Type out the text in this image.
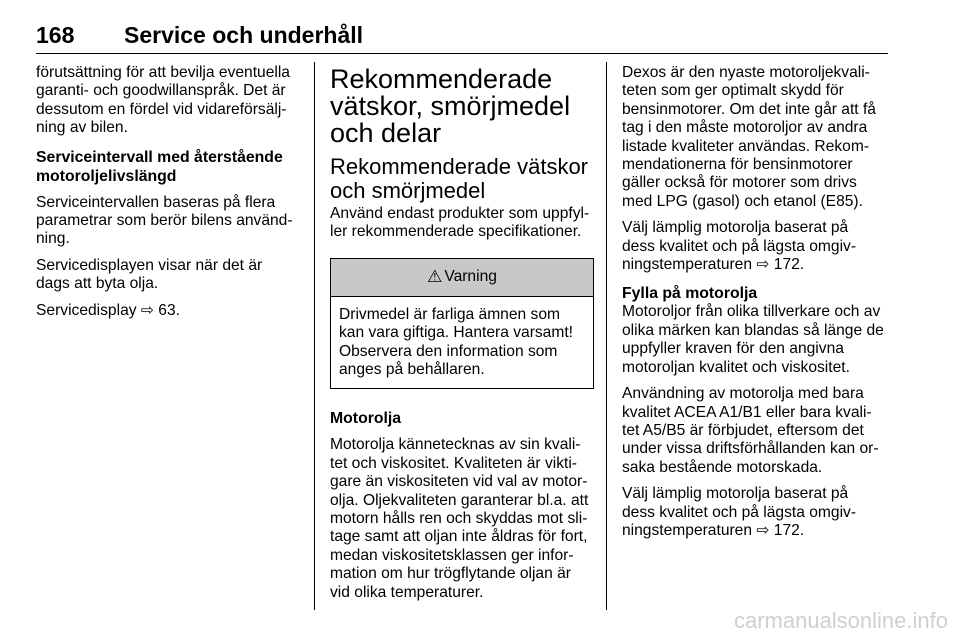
168 Service och underhåll

förutsättning för att bevilja eventuella
garanti- och goodwillanspråk. Det är
dessutom en fördel vid vidareförsälj-
ning av bilen.

Serviceintervall med återstående
motoroljelivslängd

Serviceintervallen baseras på flera
parametrar som berör bilens använd-
ning.

Servicedisplayen visar när det är
dags att byta olja.

Servicedisplay ⇨ 63.

Rekommenderade
vätskor, smörjmedel
och delar
Rekommenderade vätskor
och smörjmedel

Använd endast produkter som uppfyl-
ler rekommenderade specifikationer.

⚠ Varning
Drivmedel är farliga ämnen som
kan vara giftiga. Hantera varsamt!
Observera den information som
anges på behållaren.
Motorolja

Motorolja kännetecknas av sin kvali-
tet och viskositet. Kvaliteten är vikti-
gare än viskositeten vid val av motor-
olja. Oljekvaliteten garanterar bl.a. att
motorn hålls ren och skyddas mot sli-
tage samt att oljan inte åldras för fort,
medan viskositetsklassen ger infor-
mation om hur trögflytande oljan är
vid olika temperaturer.

Dexos är den nyaste motoroljekvali-
teten som ger optimalt skydd för
bensinmotorer. Om det inte går att få
tag i den måste motoroljor av andra
listade kvaliteter användas. Rekom-
mendationerna för bensinmotorer
gäller också för motorer som drivs
med LPG (gasol) och etanol (E85).

Välj lämplig motorolja baserat på
dess kvalitet och på lägsta omgiv-
ningstemperaturen ⇨ 172.

Fylla på motorolja

Motoroljor från olika tillverkare och av
olika märken kan blandas så länge de
uppfyller kraven för den angivna
motoroljan kvalitet och viskositet.

Användning av motorolja med bara
kvalitet ACEA A1/B1 eller bara kvali-
tet A5/B5 är förbjudet, eftersom det
under vissa driftsförhållanden kan or-
saka bestående motorskada.

Välj lämplig motorolja baserat på
dess kvalitet och på lägsta omgiv-
ningstemperaturen ⇨ 172.

carmanualsonline.info
